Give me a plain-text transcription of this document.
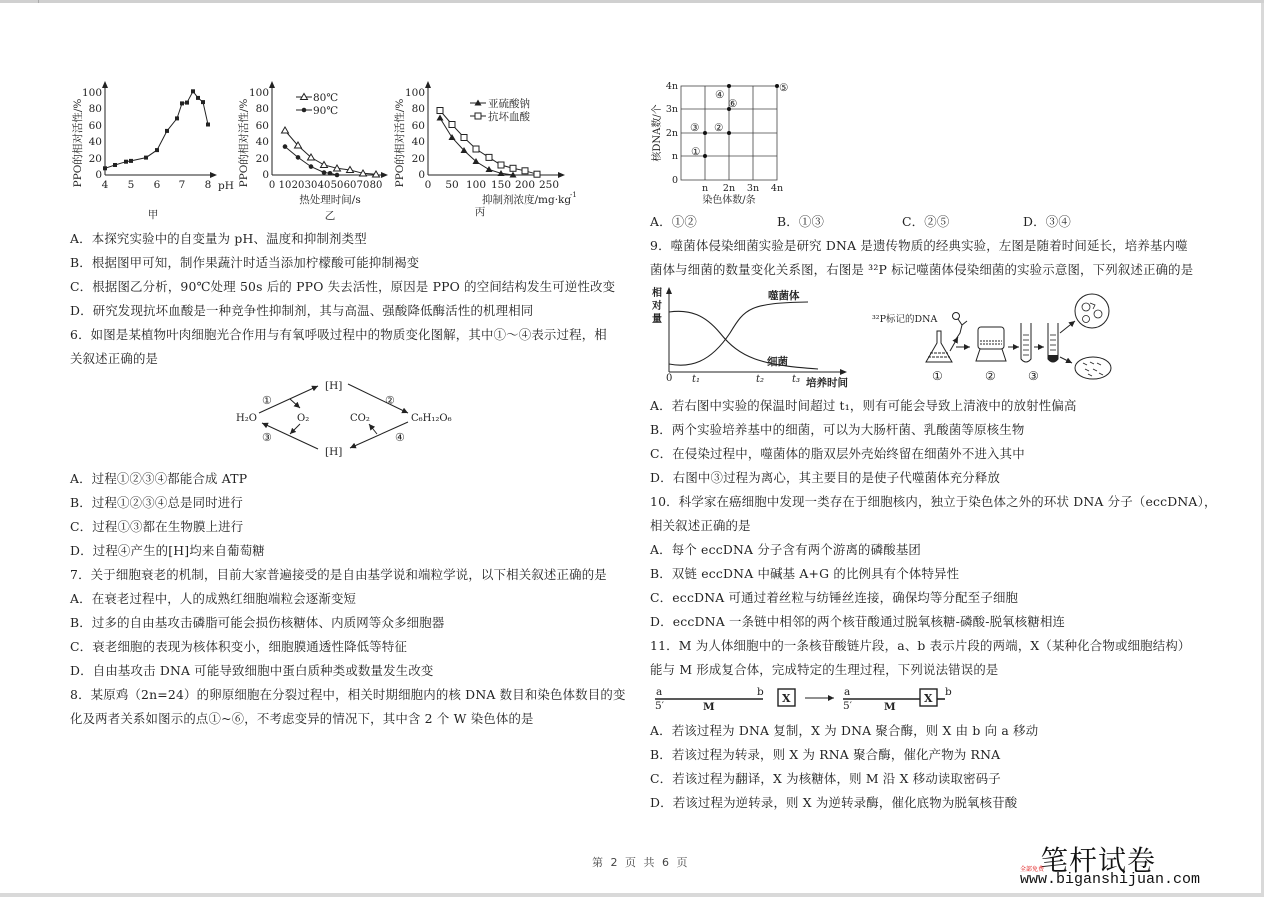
PPO的相对活性/% 0
20
40
60
80
100
4 5 6 7 8 pH
甲
PPO的相对活性/% 0
20
40
60
80
100
0 10 20 30 40 50 60 70 80
热处理时间/s
乙
80℃
90℃	PPO的相对活性/% 0
20
40
60
80
100
0 50 100 150 200 250
抑制剂浓度/mg·kg
-1
丙
亚硫酸钠
抗坏血酸
A．本探究实验中的自变量为 pH、温度和抑制剂类型
B．根据图甲可知，制作果蔬汁时适当添加柠檬酸可能抑制褐变
C．根据图乙分析，90℃处理 50s 后的 PPO 失去活性，原因是 PPO 的空间结构发生可逆性改变
D．研究发现抗坏血酸是一种竞争性抑制剂，其与高温、强酸降低酶活性的机理相同
6．如图是某植物叶肉细胞光合作用与有氧呼吸过程中的物质变化图解，其中①～④表示过程，相
关叙述正确的是
H₂O
[H]
[H]
O₂	CO₂	C₆H₁₂O₆
①	②
③	④
A．过程①②③④都能合成 ATP
B．过程①②③④总是同时进行
C．过程①③都在生物膜上进行
D．过程④产生的[H]均来自葡萄糖
7．关于细胞衰老的机制，目前大家普遍接受的是自由基学说和端粒学说，以下相关叙述正确的是
A．在衰老过程中，人的成熟红细胞端粒会逐渐变短
B．过多的自由基攻击磷脂可能会损伤核糖体、内质网等众多细胞器
C．衰老细胞的表现为核体积变小，细胞膜通透性降低等特征
D．自由基攻击 DNA 可能导致细胞中蛋白质种类或数量发生改变
8．某原鸡（2n=24）的卵原细胞在分裂过程中，相关时期细胞内的核 DNA 数目和染色体数目的变
化及两者关系如图示的点①~⑥，不考虑变异的情况下，其中含 2 个 W 染色体的是
核DNA数/个
0
n
2n
3n
4n
n 2n 3n 4n
染色体数/条
①
②
③
④
⑤
⑥
A．①②	B．①③	C．②⑤	D．③④
9．噬菌体侵染细菌实验是研究 DNA 是遗传物质的经典实验，左图是随着时间延长，培养基内噬
菌体与细菌的数量变化关系图，右图是 ³²P 标记噬菌体侵染细菌的实验示意图，下列叙述正确的是
相
对
量
噬菌体
细菌
0 t₁	t₂	t₃ 培养时间
³²P标记的DNA
①	②	③
A．若右图中实验的保温时间超过 t₁，则有可能会导致上清液中的放射性偏高
B．两个实验培养基中的细菌，可以为大肠杆菌、乳酸菌等原核生物
C．在侵染过程中，噬菌体的脂双层外壳始终留在细菌外不进入其中
D．右图中③过程为离心，其主要目的是使子代噬菌体充分释放
10．科学家在癌细胞中发现一类存在于细胞核内，独立于染色体之外的环状 DNA 分子（eccDNA），
相关叙述正确的是
A．每个 eccDNA 分子含有两个游离的磷酸基团
B．双链 eccDNA 中碱基 A+G 的比例具有个体特异性
C．eccDNA 可通过着丝粒与纺锤丝连接，确保均等分配至子细胞
D．eccDNA 一条链中相邻的两个核苷酸通过脱氧核糖-磷酸-脱氧核糖相连
11．M 为人体细胞中的一条核苷酸链片段，a、b 表示片段的两端，X（某种化合物或细胞结构）
能与 M 形成复合体，完成特定的生理过程，下列说法错误的是
a
5′	M
b X	a
5′	M
b
X
A．若该过程为 DNA 复制，X 为 DNA 聚合酶，则 X 由 b 向 a 移动
B．若该过程为转录，则 X 为 RNA 聚合酶，催化产物为 RNA
C．若该过程为翻译，X 为核糖体，则 M 沿 X 移动读取密码子
D．若该过程为逆转录，则 X 为逆转录酶，催化底物为脱氧核苷酸
第 2 页 共 6 页	笔杆试卷
全部免费
www.biganshijuan.com
